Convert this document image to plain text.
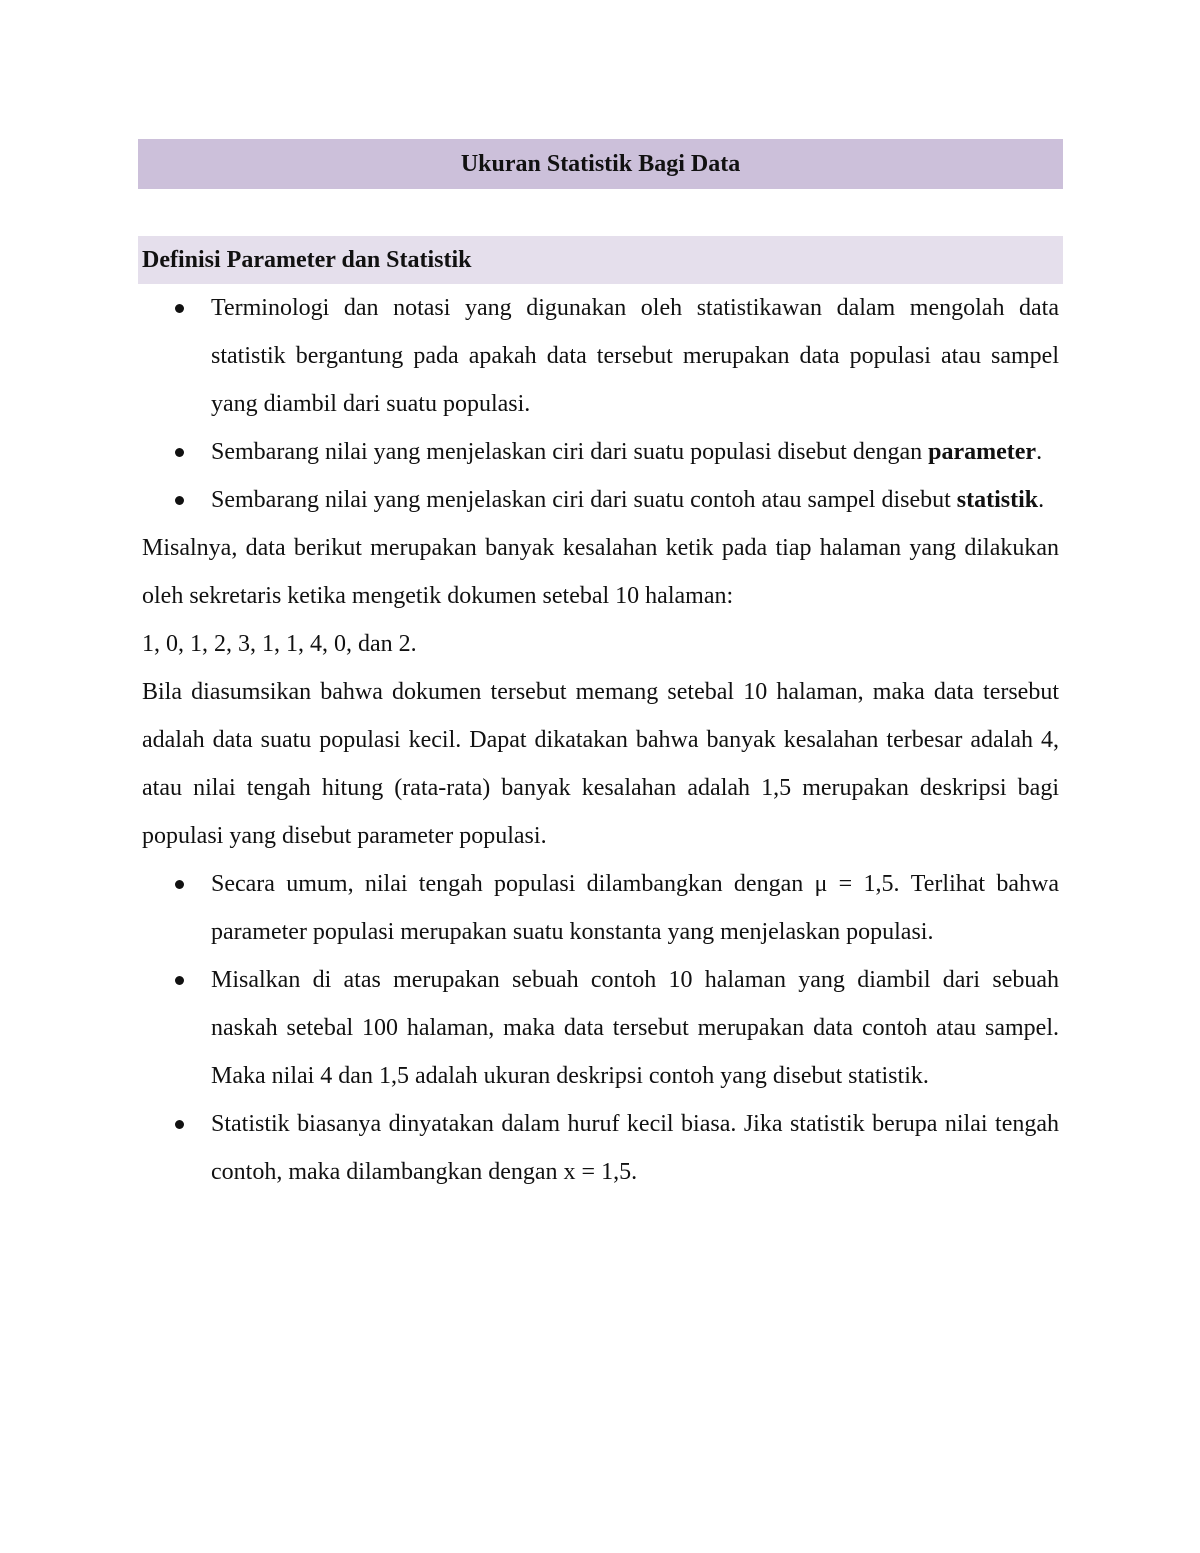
Ukuran Statistik Bagi Data
Definisi Parameter dan Statistik
Terminologi dan notasi yang digunakan oleh statistikawan dalam mengolah data statistik bergantung pada apakah data tersebut merupakan data populasi atau sampel yang diambil dari suatu populasi.
Sembarang nilai yang menjelaskan ciri dari suatu populasi disebut dengan parameter.
Sembarang nilai yang menjelaskan ciri dari suatu contoh atau sampel disebut statistik.

Misalnya, data berikut merupakan banyak kesalahan ketik pada tiap halaman yang dilakukan oleh sekretaris ketika mengetik dokumen setebal 10 halaman:

1, 0, 1, 2, 3, 1, 1, 4, 0, dan 2.

Bila diasumsikan bahwa dokumen tersebut memang setebal 10 halaman, maka data tersebut adalah data suatu populasi kecil. Dapat dikatakan bahwa banyak kesalahan terbesar adalah 4, atau nilai tengah hitung (rata-rata) banyak kesalahan adalah 1,5 merupakan deskripsi bagi populasi yang disebut parameter populasi.

Secara umum, nilai tengah populasi dilambangkan dengan μ = 1,5. Terlihat bahwa parameter populasi merupakan suatu konstanta yang menjelaskan populasi.
Misalkan di atas merupakan sebuah contoh 10 halaman yang diambil dari sebuah naskah setebal 100 halaman, maka data tersebut merupakan data contoh atau sampel. Maka nilai 4 dan 1,5 adalah ukuran deskripsi contoh yang disebut statistik.
Statistik biasanya dinyatakan dalam huruf kecil biasa. Jika statistik berupa nilai tengah contoh, maka dilambangkan dengan x = 1,5.
